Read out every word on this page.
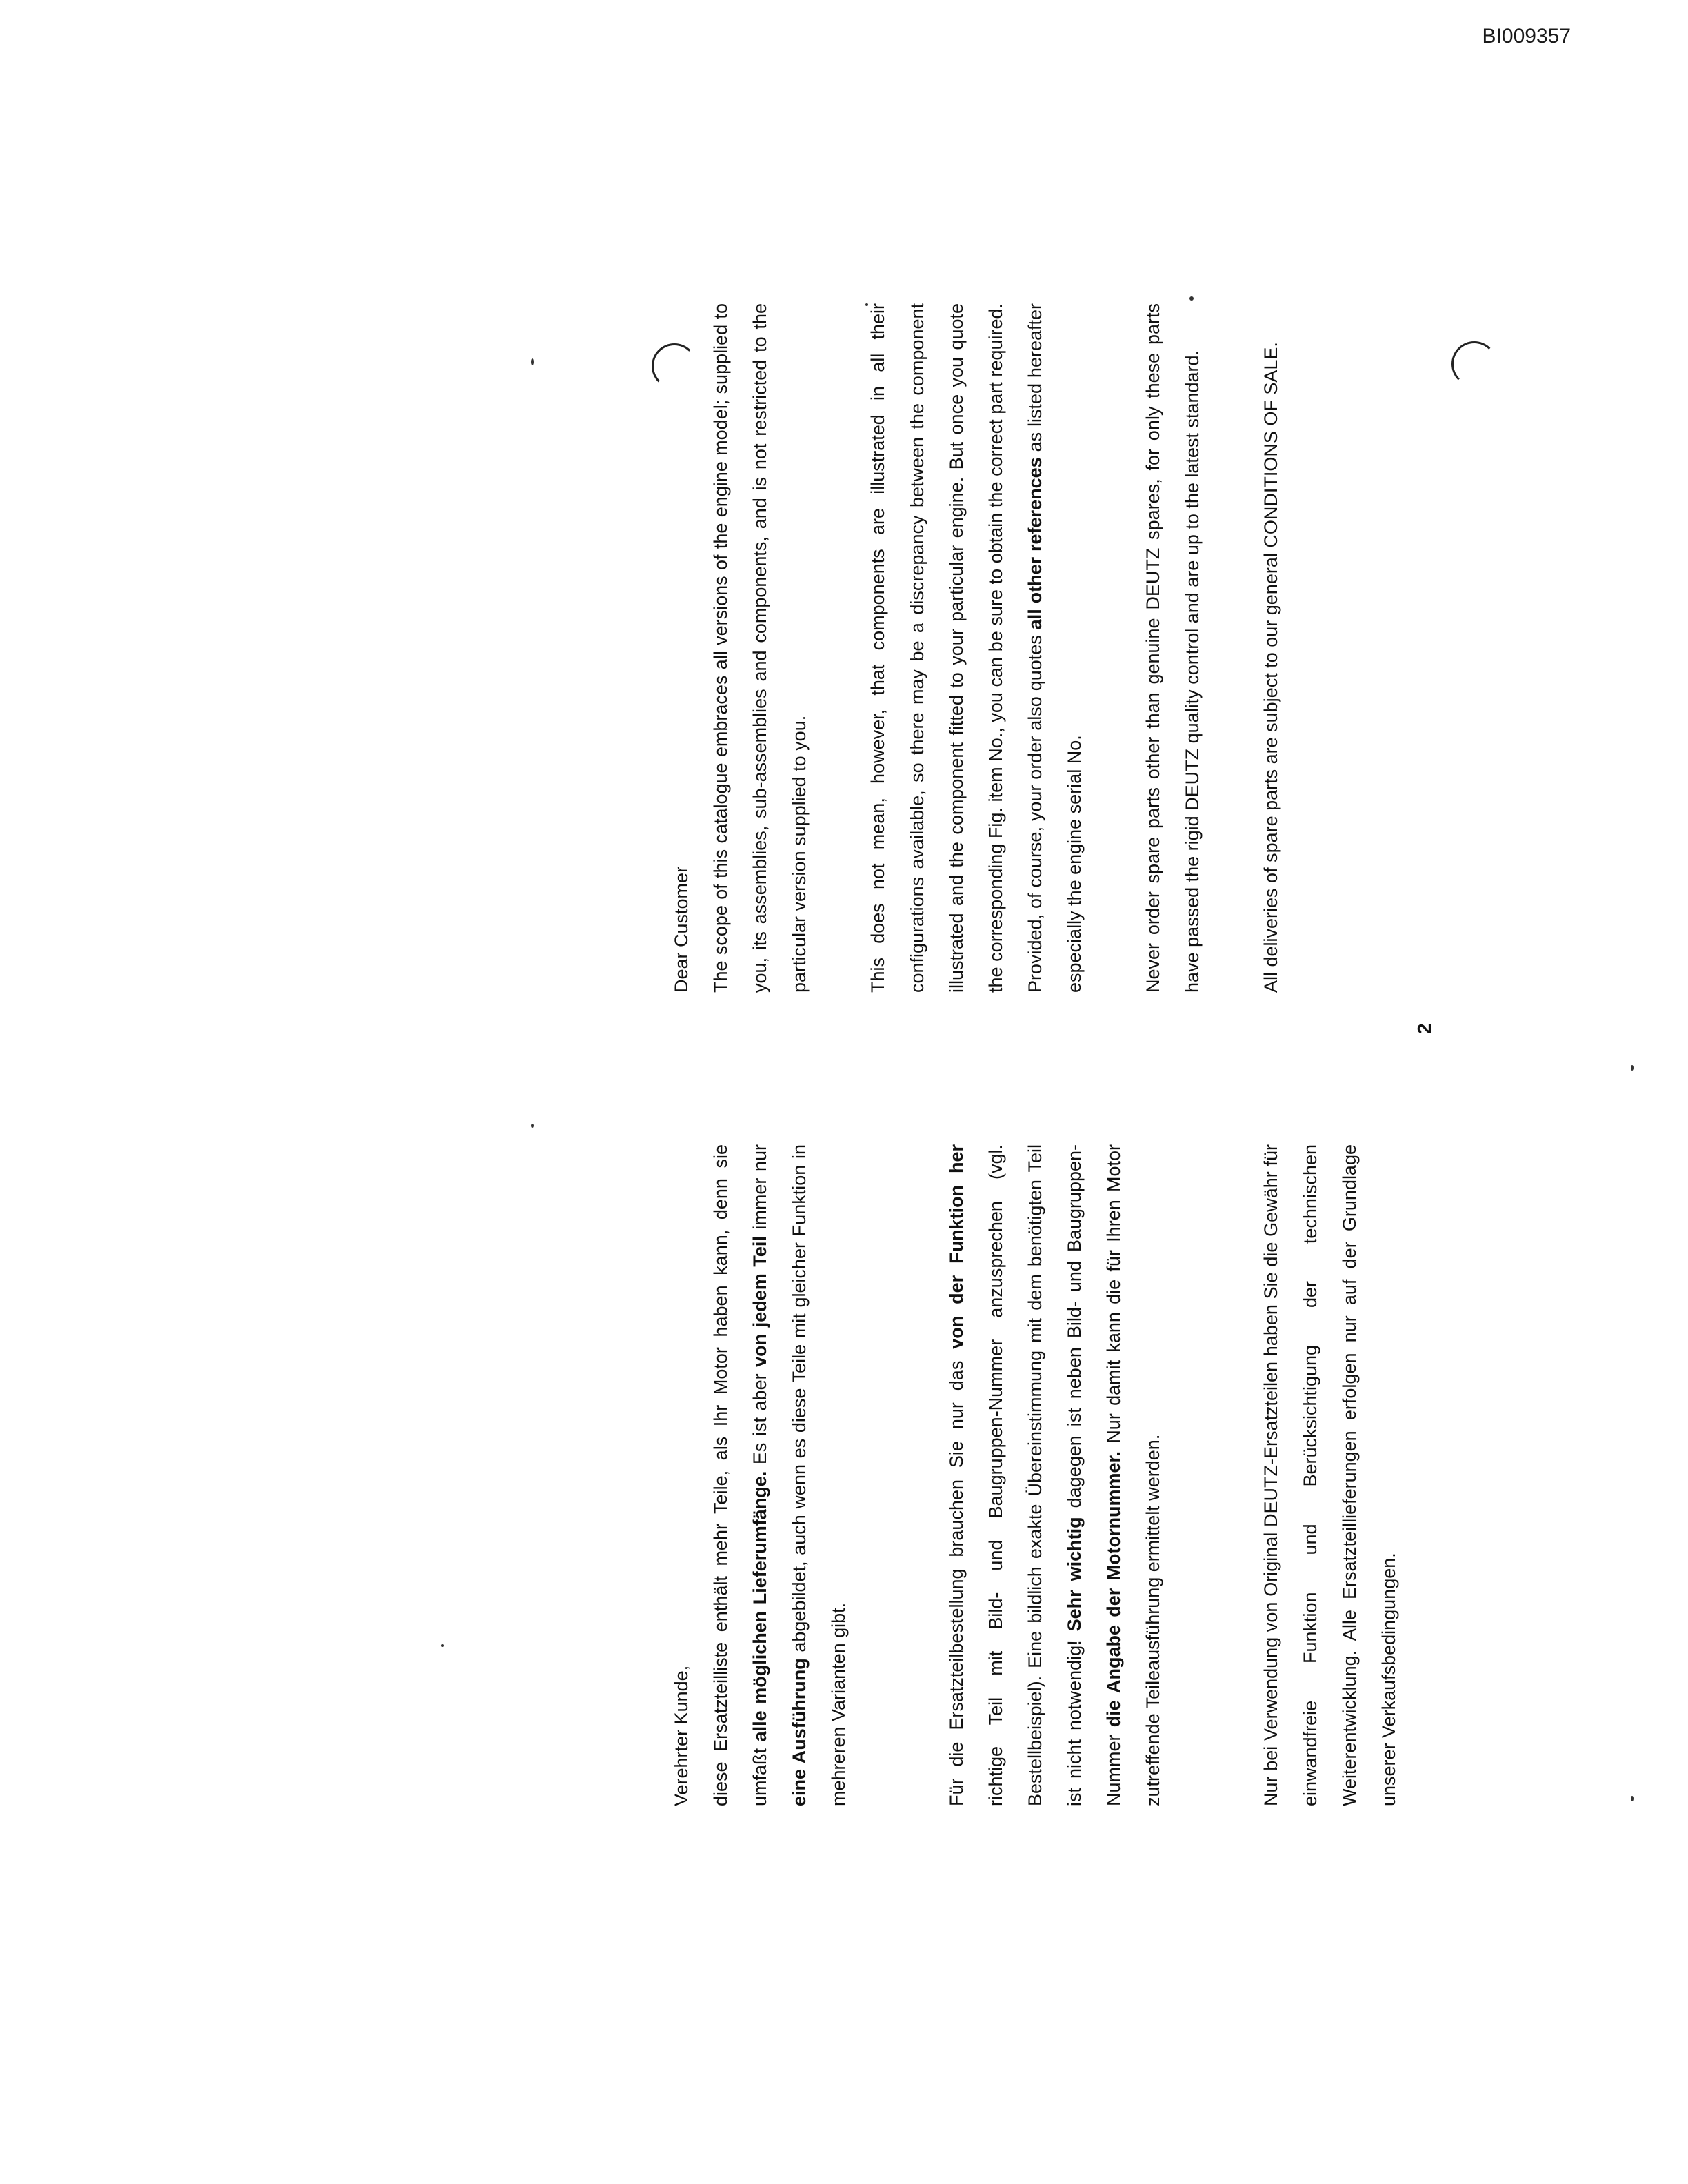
BI009357

Verehrter Kunde,	diese Ersatzteilliste enthält mehr Teile, als Ihr Motor haben kann, denn sie umfaßt alle möglichen Lieferumfänge. Es ist aber von jedem Teil immer nur eine Ausführung abgebildet, auch wenn es diese Teile mit gleicher Funktion in mehreren Varianten gibt.	Für die Ersatzteilbestellung brauchen Sie nur das von der Funktion her richtige Teil mit Bild- und Baugruppen-Nummer anzusprechen (vgl. Bestellbeispiel). Eine bildlich exakte Übereinstimmung mit dem benötigten Teil ist nicht notwendig! Sehr wichtig dagegen ist neben Bild- und Baugruppen-Nummer die Angabe der Motornummer. Nur damit kann die für Ihren Motor zutreffende Teileausführung ermittelt werden.	Nur bei Verwendung von Original DEUTZ-Ersatzteilen haben Sie die Gewähr für einwandfreie Funktion und Berücksichtigung der technischen Weiterentwicklung. Alle Ersatzteillieferungen erfolgen nur auf der Grundlage unserer Verkaufsbedingungen.

Dear Customer	The scope of this catalogue embraces all versions of the engine model; supplied to you, its assemblies, sub-assemblies and components, and is not restricted to the particular version supplied to you.	This does not mean, however, that components are illustrated in all their configurations available, so there may be a discrepancy between the component illustrated and the component fitted to your particular engine. But once you quote the corresponding Fig. item No., you can be sure to obtain the correct part required. Provided, of course, your order also quotes all other references as listed hereafter especially the engine serial No.	Never order spare parts other than genuine DEUTZ spares, for only these parts have passed the rigid DEUTZ quality control and are up to the latest standard.	All deliveries of spare parts are subject to our general CONDITIONS OF SALE.

2
